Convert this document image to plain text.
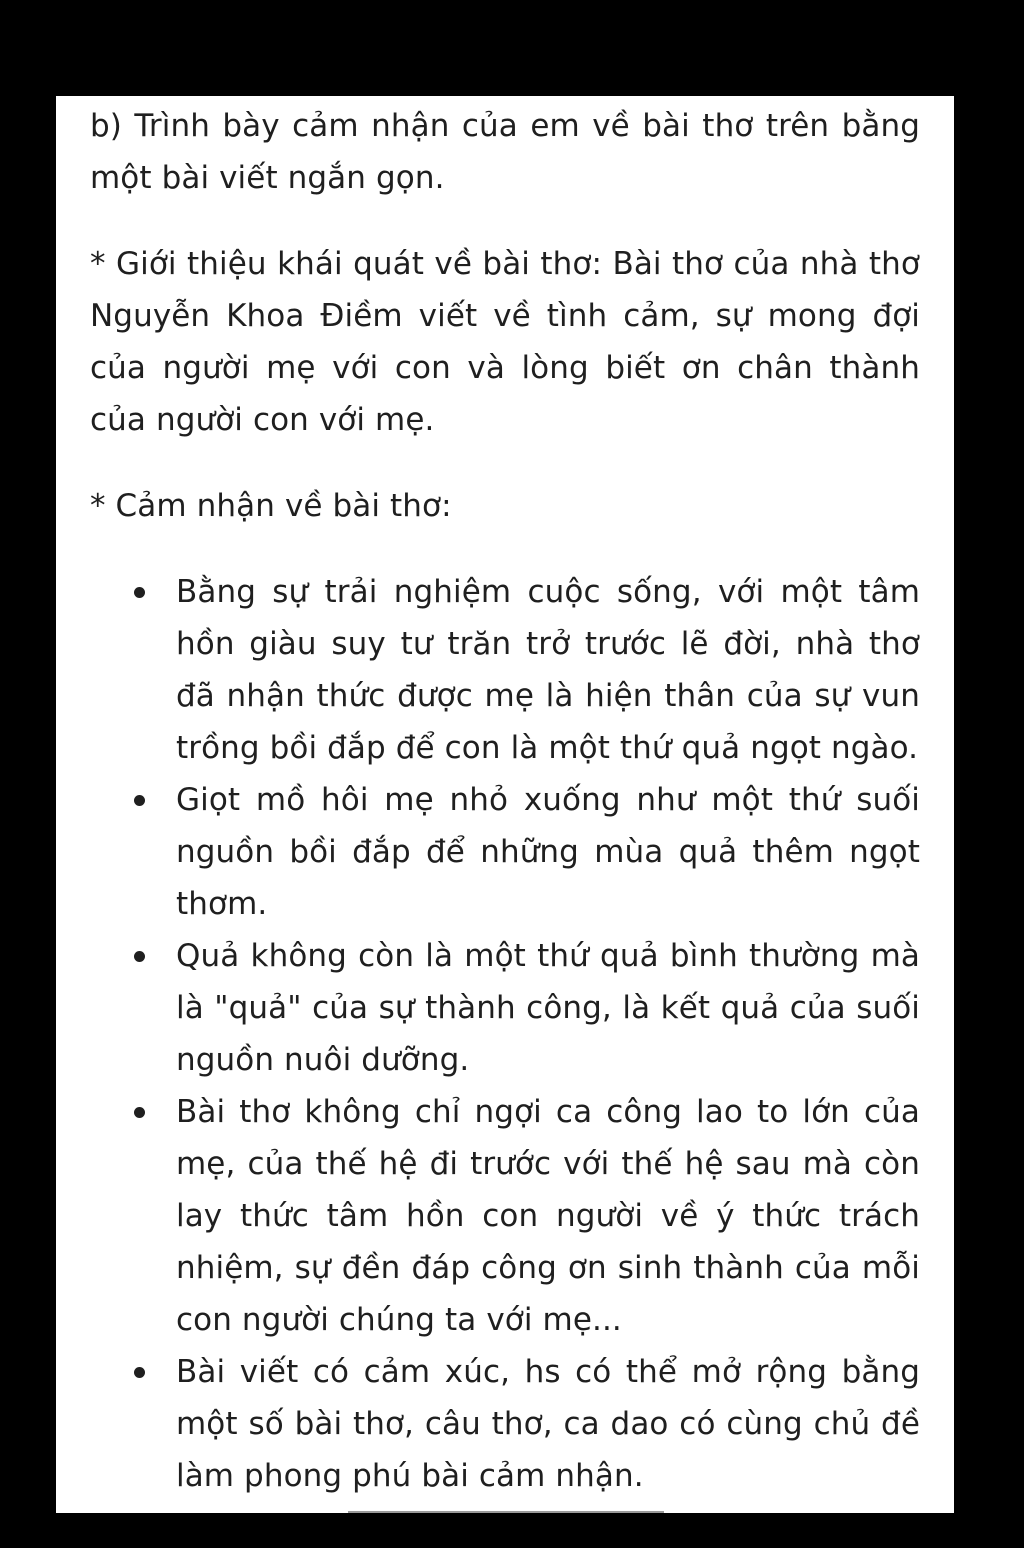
b) Trình bày cảm nhận của em về bài thơ trên bằng một bài viết ngắn gọn.

* Giới thiệu khái quát về bài thơ: Bài thơ của nhà thơ Nguyễn Khoa Điềm viết về tình cảm, sự mong đợi của người mẹ với con và lòng biết ơn chân thành của người con với mẹ.

* Cảm nhận về bài thơ:

Bằng sự trải nghiệm cuộc sống, với một tâm hồn giàu suy tư trăn trở trước lẽ đời, nhà thơ đã nhận thức được mẹ là hiện thân của sự vun trồng bồi đắp để con là một thứ quả ngọt ngào.
Giọt mồ hôi mẹ nhỏ xuống như một thứ suối nguồn bồi đắp để những mùa quả thêm ngọt thơm.
Quả không còn là một thứ quả bình thường mà là "quả" của sự thành công, là kết quả của suối nguồn nuôi dưỡng.
Bài thơ không chỉ ngợi ca công lao to lớn của mẹ, của thế hệ đi trước với thế hệ sau mà còn lay thức tâm hồn con người về ý thức trách nhiệm, sự đền đáp công ơn sinh thành của mỗi con người chúng ta với mẹ...
Bài viết có cảm xúc, hs có thể mở rộng bằng một số bài thơ, câu thơ, ca dao có cùng chủ đề làm phong phú bài cảm nhận.
